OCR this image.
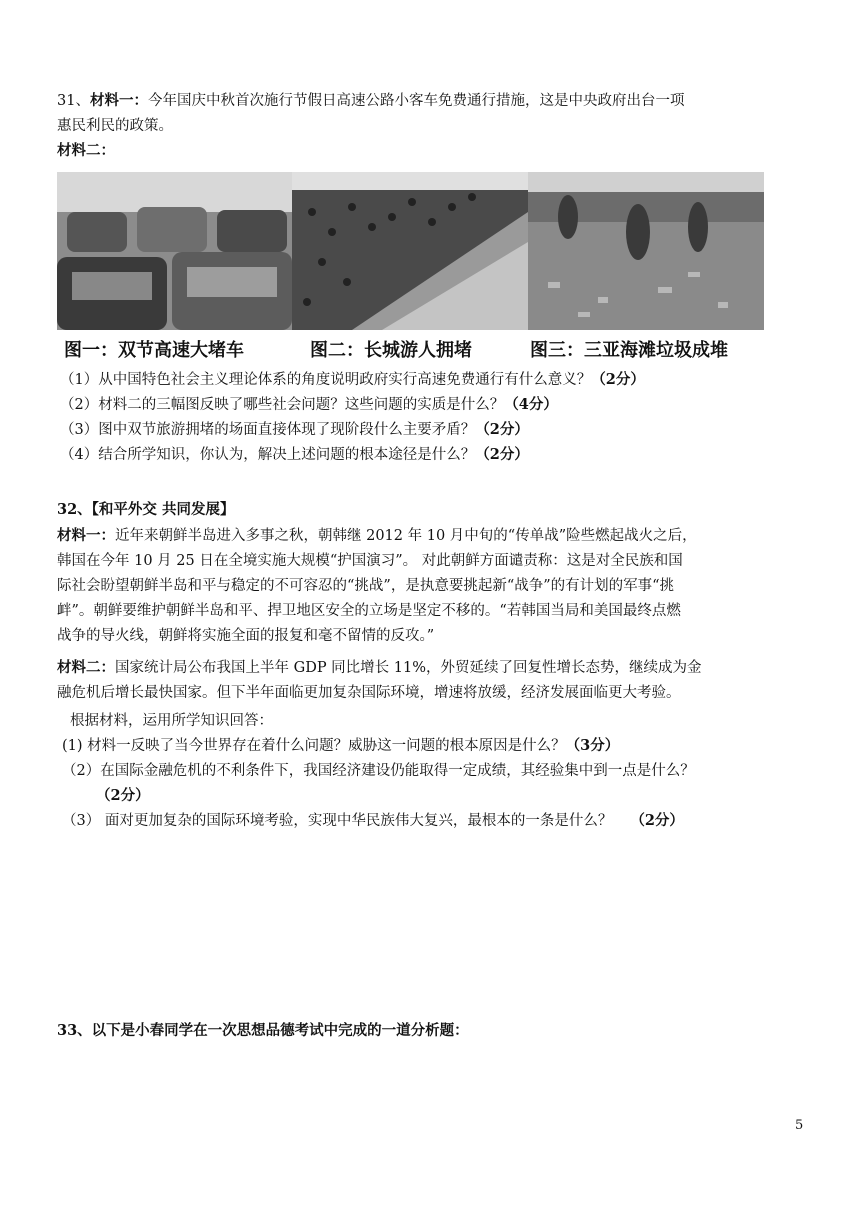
31、材料一：今年国庆中秋首次施行节假日高速公路小客车免费通行措施，这是中央政府出台一项
惠民利民的政策。
材料二：
图一：双节高速大堵车	图二：长城游人拥堵	图三：三亚海滩垃圾成堆
（1）从中国特色社会主义理论体系的角度说明政府实行高速免费通行有什么意义？（2分）
（2）材料二的三幅图反映了哪些社会问题？这些问题的实质是什么？（4分）
（3）图中双节旅游拥堵的场面直接体现了现阶段什么主要矛盾？（2分）
（4）结合所学知识，你认为，解决上述问题的根本途径是什么？（2分）
32、【和平外交 共同发展】
材料一：近年来朝鲜半岛进入多事之秋，朝韩继 2012 年 10 月中旬的“传单战”险些燃起战火之后，
韩国在今年 10 月 25 日在全境实施大规模“护国演习”。 对此朝鲜方面谴责称：这是对全民族和国
际社会盼望朝鲜半岛和平与稳定的不可容忍的“挑战”，是执意要挑起新“战争”的有计划的军事“挑
衅”。朝鲜要维护朝鲜半岛和平、捍卫地区安全的立场是坚定不移的。“若韩国当局和美国最终点燃
战争的导火线，朝鲜将实施全面的报复和毫不留情的反攻。”
材料二：国家统计局公布我国上半年 GDP 同比增长 11%，外贸延续了回复性增长态势，继续成为金
融危机后增长最快国家。但下半年面临更加复杂国际环境，增速将放缓，经济发展面临更大考验。
根据材料，运用所学知识回答：
(1) 材料一反映了当今世界存在着什么问题？威胁这一问题的根本原因是什么？（3分）
（2）在国际金融危机的不利条件下，我国经济建设仍能取得一定成绩，其经验集中到一点是什么？
（2分）
（3） 面对更加复杂的国际环境考验，实现中华民族伟大复兴，最根本的一条是什么？ （2分）
33、以下是小春同学在一次思想品德考试中完成的一道分析题：
5
